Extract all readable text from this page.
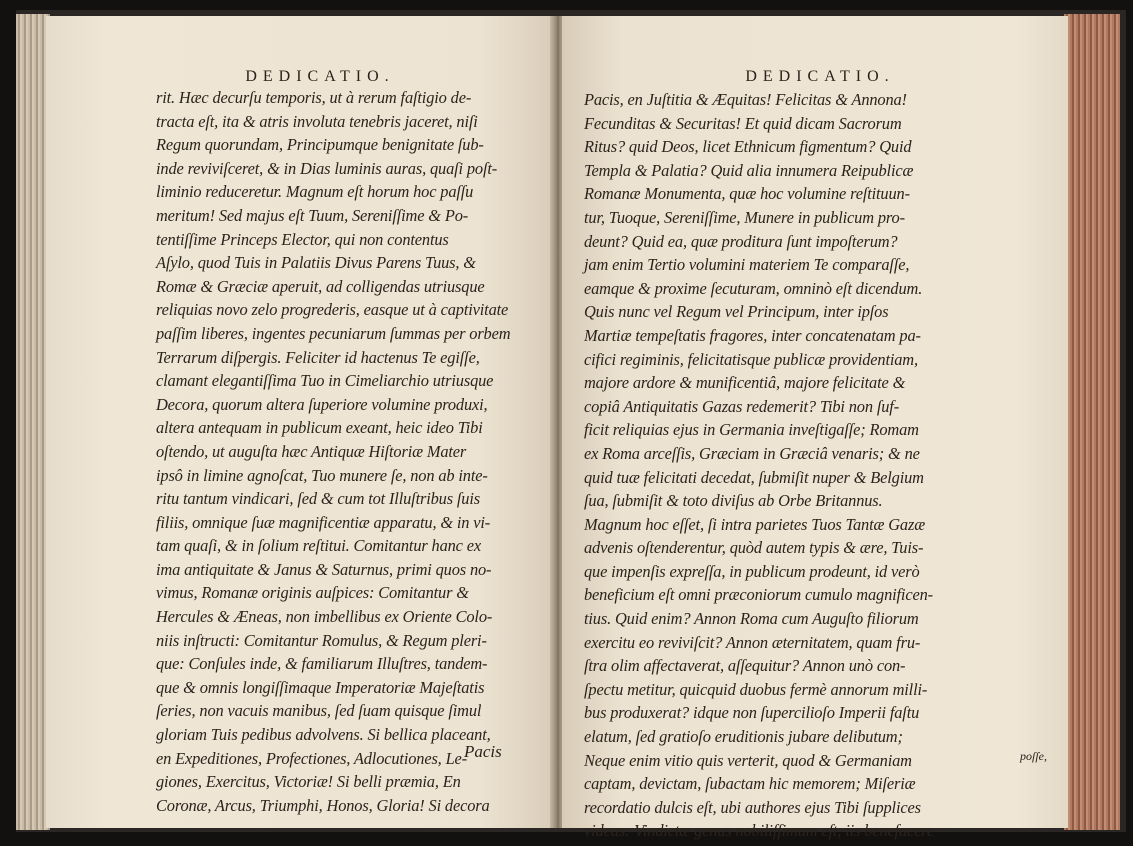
DEDICATIO.

rit. Hæc decurſu temporis, ut à rerum faſtigio de-
tracta eſt, ita & atris involuta tenebris jaceret, niſi
Regum quorundam, Principumque benignitate ſub-
inde reviviſceret, & in Dias luminis auras, quaſi poſt-
liminio reduceretur. Magnum eſt horum hoc paſſu
meritum! Sed majus eſt Tuum, Sereniſſime & Po-
tentiſſime Princeps Elector, qui non contentus
Aſylo, quod Tuis in Palatiis Divus Parens Tuus, &
Romæ & Græciæ aperuit, ad colligendas utriusque
reliquias novo zelo progrederis, easque ut à captivitate
paſſim liberes, ingentes pecuniarum ſummas per orbem
Terrarum diſpergis. Feliciter id hactenus Te egiſſe,
clamant elegantiſſima Tuo in Cimeliarchio utriusque
Decora, quorum altera ſuperiore volumine produxi,
altera antequam in publicum exeant, heic ideo Tibi
oſtendo, ut auguſta hæc Antiquæ Hiſtoriæ Mater
ipsô in limine agnoſcat, Tuo munere ſe, non ab inte-
ritu tantum vindicari, ſed & cum tot Illuſtribus ſuis
filiis, omnique ſuæ magnificentiæ apparatu, & in vi-
tam quaſi, & in ſolium reſtitui. Comitantur hanc ex
ima antiquitate & Janus & Saturnus, primi quos no-
vimus, Romanæ originis auſpices: Comitantur &
Hercules & Æneas, non imbellibus ex Oriente Colo-
niis inſtructi: Comitantur Romulus, & Regum pleri-
que: Conſules inde, & familiarum Illuſtres, tandem-
que & omnis longiſſimaque Imperatoriæ Majeſtatis
ſeries, non vacuis manibus, ſed ſuam quisque ſimul
gloriam Tuis pedibus advolvens. Si bellica placeant,
en Expeditiones, Profectiones, Adlocutiones, Le-
giones, Exercitus, Victoriæ! Si belli præmia, En
Coronæ, Arcus, Triumphi, Honos, Gloria! Si decora

Pacis
DEDICATIO.

Pacis, en Juſtitia & Æquitas! Felicitas & Annona!
Fecunditas & Securitas! Et quid dicam Sacrorum
Ritus? quid Deos, licet Ethnicum figmentum? Quid
Templa & Palatia? Quid alia innumera Reipublicæ
Romanæ Monumenta, quæ hoc volumine reſtituun-
tur, Tuoque, Sereniſſime, Munere in publicum pro-
deunt? Quid ea, quæ proditura ſunt impoſterum?
jam enim Tertio volumini materiem Te comparaſſe,
eamque & proxime ſecuturam, omninò eſt dicendum.
Quis nunc vel Regum vel Principum, inter ipſos
Martiæ tempeſtatis fragores, inter concatenatam pa-
cifici regiminis, felicitatisque publicæ providentiam,
majore ardore & munificentiâ, majore felicitate &
copiâ Antiquitatis Gazas redemerit? Tibi non ſuf-
ficit reliquias ejus in Germania inveſtigaſſe; Romam
ex Roma arceſſis, Græciam in Græciâ venaris; & ne
quid tuæ felicitati decedat, ſubmiſit nuper & Belgium
ſua, ſubmiſit & toto diviſus ab Orbe Britannus.
Magnum hoc eſſet, ſi intra parietes Tuos Tantæ Gazæ
advenis oſtenderentur, quòd autem typis & ære, Tuis-
que impenſis expreſſa, in publicum prodeunt, id verò
beneficium eſt omni præconiorum cumulo magnificen-
tius. Quid enim? Annon Roma cum Auguſto filiorum
exercitu eo reviviſcit? Annon æternitatem, quam fru-
ſtra olim affectaverat, aſſequitur? Annon unò con-
ſpectu metitur, quicquid duobus fermè annorum milli-
bus produxerat? idque non ſupercilioſo Imperii faſtu
elatum, ſed gratioſo eruditionis jubare delibutum;
Neque enim vitio quis verterit, quod & Germaniam
captam, devictam, ſubactam hic memorem; Miſeriæ
recordatio dulcis eſt, ubi authores ejus Tibi ſupplices
videas: Vindictæ genus nobiliſſimum eſt, iis benefacere

poſſe,
